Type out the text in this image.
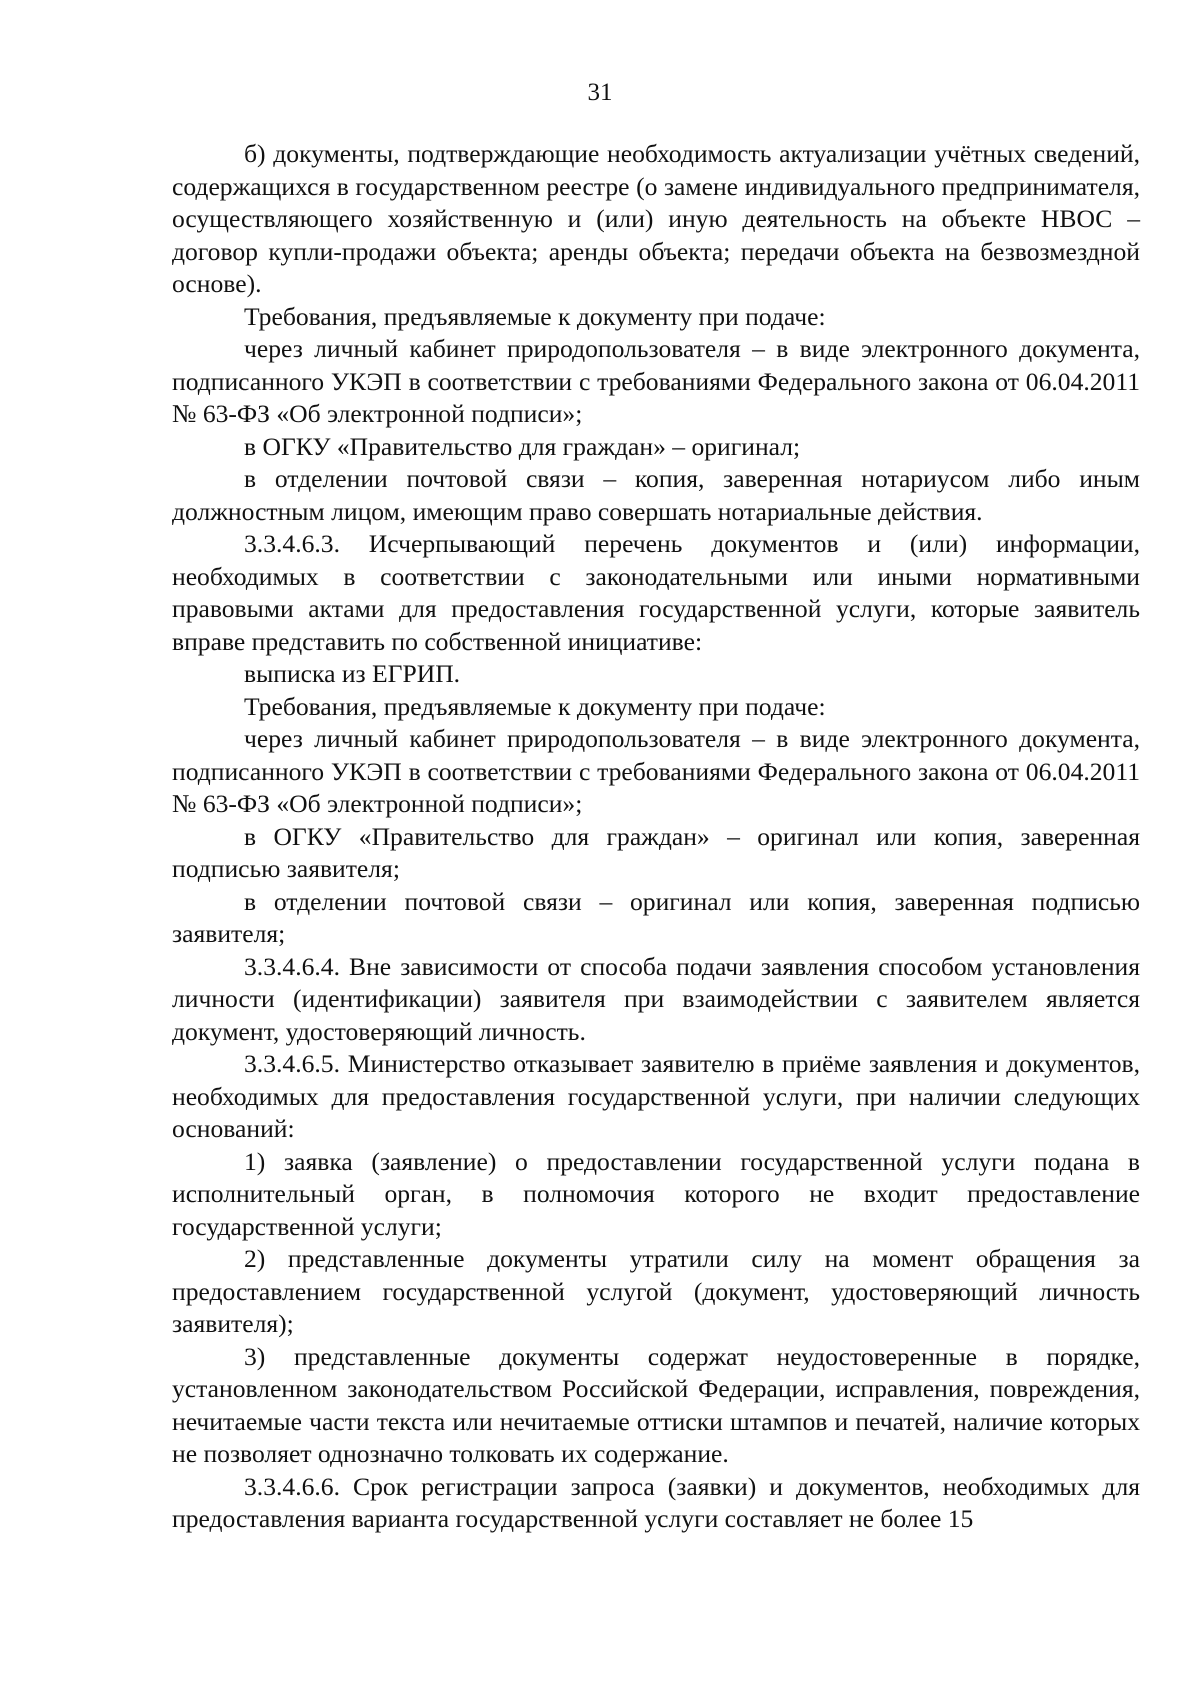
31

б) документы, подтверждающие необходимость актуализации учётных сведений, содержащихся в государственном реестре (о замене индивидуального предпринимателя, осуществляющего хозяйственную и (или) иную деятельность на объекте НВОС – договор купли-продажи объекта; аренды объекта; передачи объекта на безвозмездной основе).

Требования, предъявляемые к документу при подаче:

через личный кабинет природопользователя – в виде электронного документа, подписанного УКЭП в соответствии с требованиями Федерального закона от 06.04.2011 № 63-ФЗ «Об электронной подписи»;

в ОГКУ «Правительство для граждан» – оригинал;

в отделении почтовой связи – копия, заверенная нотариусом либо иным должностным лицом, имеющим право совершать нотариальные действия.

3.3.4.6.3. Исчерпывающий перечень документов и (или) информации, необходимых в соответствии с законодательными или иными нормативными правовыми актами для предоставления государственной услуги, которые заявитель вправе представить по собственной инициативе:

выписка из ЕГРИП.

Требования, предъявляемые к документу при подаче:

через личный кабинет природопользователя – в виде электронного документа, подписанного УКЭП в соответствии с требованиями Федерального закона от 06.04.2011 № 63-ФЗ «Об электронной подписи»;

в ОГКУ «Правительство для граждан» – оригинал или копия, заверенная подписью заявителя;

в отделении почтовой связи – оригинал или копия, заверенная подписью заявителя;

3.3.4.6.4. Вне зависимости от способа подачи заявления способом установления личности (идентификации) заявителя при взаимодействии с заявителем является документ, удостоверяющий личность.

3.3.4.6.5. Министерство отказывает заявителю в приёме заявления и документов, необходимых для предоставления государственной услуги, при наличии следующих оснований:

1) заявка (заявление) о предоставлении государственной услуги подана в исполнительный орган, в полномочия которого не входит предоставление государственной услуги;

2) представленные документы утратили силу на момент обращения за предоставлением государственной услугой (документ, удостоверяющий личность заявителя);

3) представленные документы содержат неудостоверенные в порядке, установленном законодательством Российской Федерации, исправления, повреждения, нечитаемые части текста или нечитаемые оттиски штампов и печатей, наличие которых не позволяет однозначно толковать их содержание.

3.3.4.6.6. Срок регистрации запроса (заявки) и документов, необходимых для предоставления варианта государственной услуги составляет не более 15
